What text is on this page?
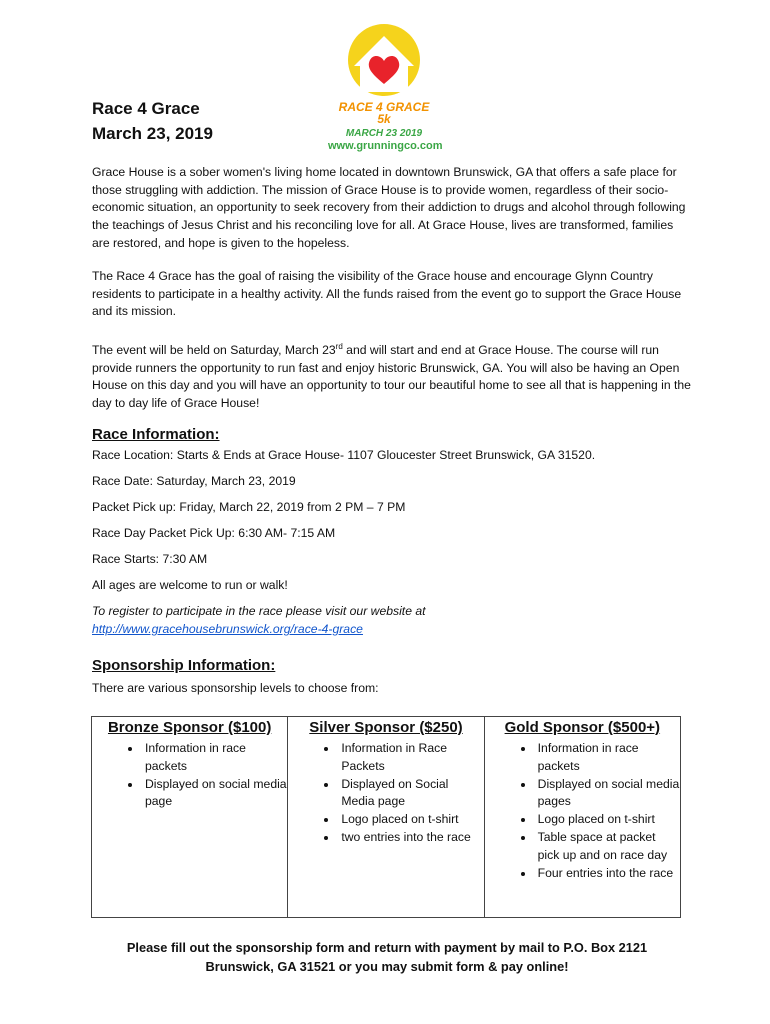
Race 4 Grace
March 23, 2019
RACE 4 GRACE
5k
MARCH 23 2019
www.grunningco.com
Grace House is a sober women's living home located in downtown Brunswick, GA that offers a safe place for those struggling with addiction. The mission of Grace House is to provide women, regardless of their socio-economic situation, an opportunity to seek recovery from their addiction to drugs and alcohol through following the teachings of Jesus Christ and his reconciling love for all. At Grace House, lives are transformed, families are restored, and hope is given to the hopeless.
The Race 4 Grace has the goal of raising the visibility of the Grace house and encourage Glynn Country residents to participate in a healthy activity. All the funds raised from the event go to support the Grace House and its mission.
The event will be held on Saturday, March 23rd and will start and end at Grace House. The course will run provide runners the opportunity to run fast and enjoy historic Brunswick, GA. You will also be having an Open House on this day and you will have an opportunity to tour our beautiful home to see all that is happening in the day to day life of Grace House!
Race Information:
Race Location: Starts & Ends at Grace House- 1107 Gloucester Street Brunswick, GA 31520.
Race Date: Saturday, March 23, 2019
Packet Pick up: Friday, March 22, 2019 from 2 PM – 7 PM
Race Day Packet Pick Up: 6:30 AM- 7:15 AM
Race Starts: 7:30 AM
All ages are welcome to run or walk!
To register to participate in the race please visit our website at
http://www.gracehousebrunswick.org/race-4-grace
Sponsorship Information:
There are various sponsorship levels to choose from:
Bronze Sponsor ($100)
• Information in race packets
• Displayed on social media page

Silver Sponsor ($250)
• Information in Race Packets
• Displayed on Social Media page
• Logo placed on t-shirt
• two entries into the race

Gold Sponsor ($500+)
• Information in race packets
• Displayed on social media pages
• Logo placed on t-shirt
• Table space at packet pick up and on race day
• Four entries into the race
Please fill out the sponsorship form and return with payment by mail to P.O. Box 2121
Brunswick, GA 31521 or you may submit form & pay online!
